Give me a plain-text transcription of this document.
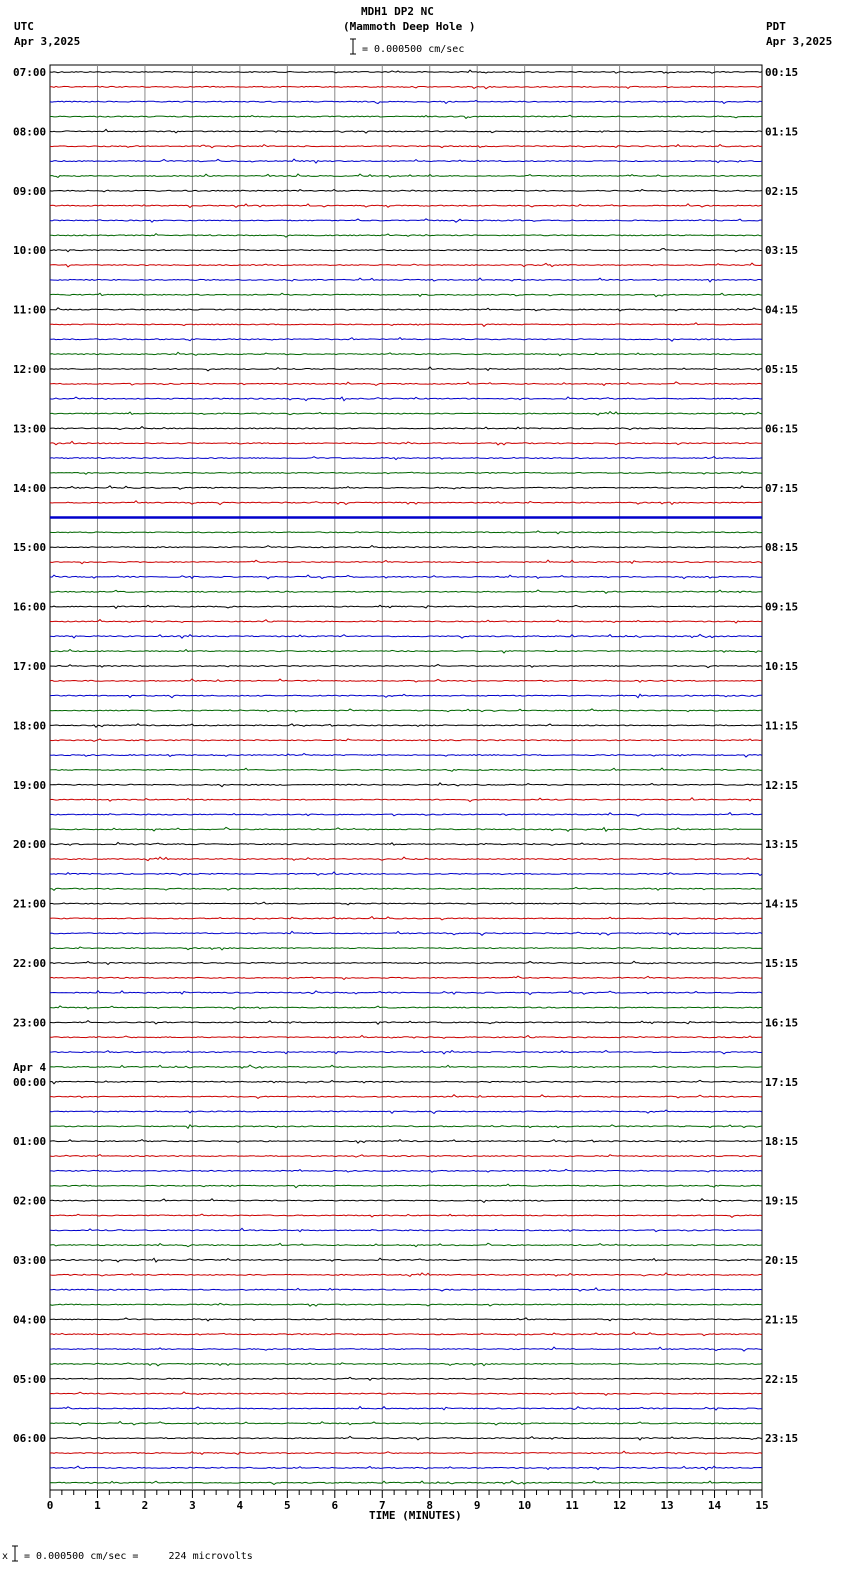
MDH1 DP2 NC
(Mammoth Deep Hole )
UTC
Apr 3,2025
PDT
Apr 3,2025
= 0.000500 cm/sec
07:00	00:15
08:00	01:15
09:00	02:15
10:00	03:15
11:00	04:15
12:00	05:15
13:00	06:15
14:00	07:15
15:00	08:15
16:00	09:15
17:00	10:15
18:00	11:15
19:00	12:15
20:00	13:15
21:00	14:15
22:00	15:15
23:00	16:15
00:00	17:15
01:00	18:15
02:00	19:15
03:00	20:15
04:00	21:15
05:00	22:15
06:00	23:15
Apr 4
0	1	2	3	4	5	6	7	8	9	10	11	12	13	14	15
TIME (MINUTES)
x = 0.000500 cm/sec =     224 microvolts
